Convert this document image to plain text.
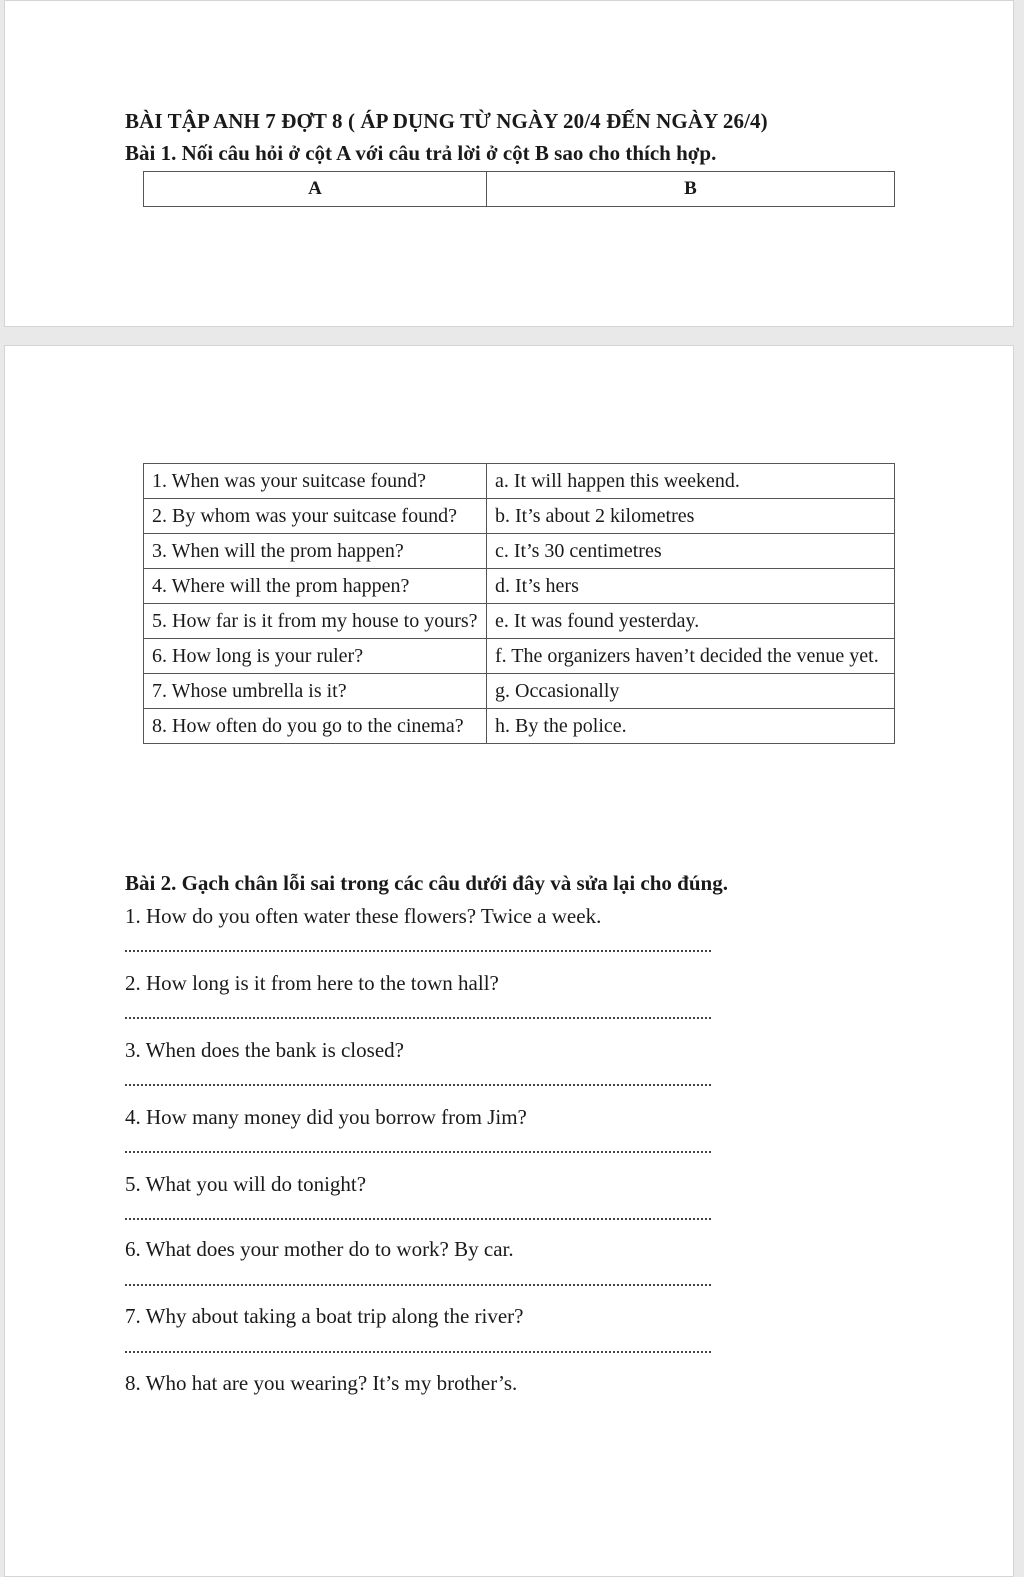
BÀI TẬP ANH 7 ĐỢT 8 ( ÁP DỤNG TỪ NGÀY 20/4 ĐẾN NGÀY 26/4)
Bài 1. Nối câu hỏi ở cột A với câu trả lời ở cột B sao cho thích hợp.
A	B
1. When was your suitcase found?	a. It will happen this weekend.
2. By whom was your suitcase found?	b. It’s about 2 kilometres
3. When will the prom happen?	c. It’s 30 centimetres
4. Where will the prom happen?	d. It’s hers
5. How far is it from my house to yours?	e. It was found yesterday.
6. How long is your ruler?	f. The organizers haven’t decided the venue yet.
7. Whose umbrella is it?	g. Occasionally
8. How often do you go to the cinema?	h. By the police.
Bài 2. Gạch chân lỗi sai trong các câu dưới đây và sửa lại cho đúng.
1. How do you often water these flowers? Twice a week.
2. How long is it from here to the town hall?
3. When does the bank is closed?
4. How many money did you borrow from Jim?
5. What you will do tonight?
6. What does your mother do to work? By car.
7. Why about taking a boat trip along the river?
8. Who hat are you wearing? It’s my brother’s.
